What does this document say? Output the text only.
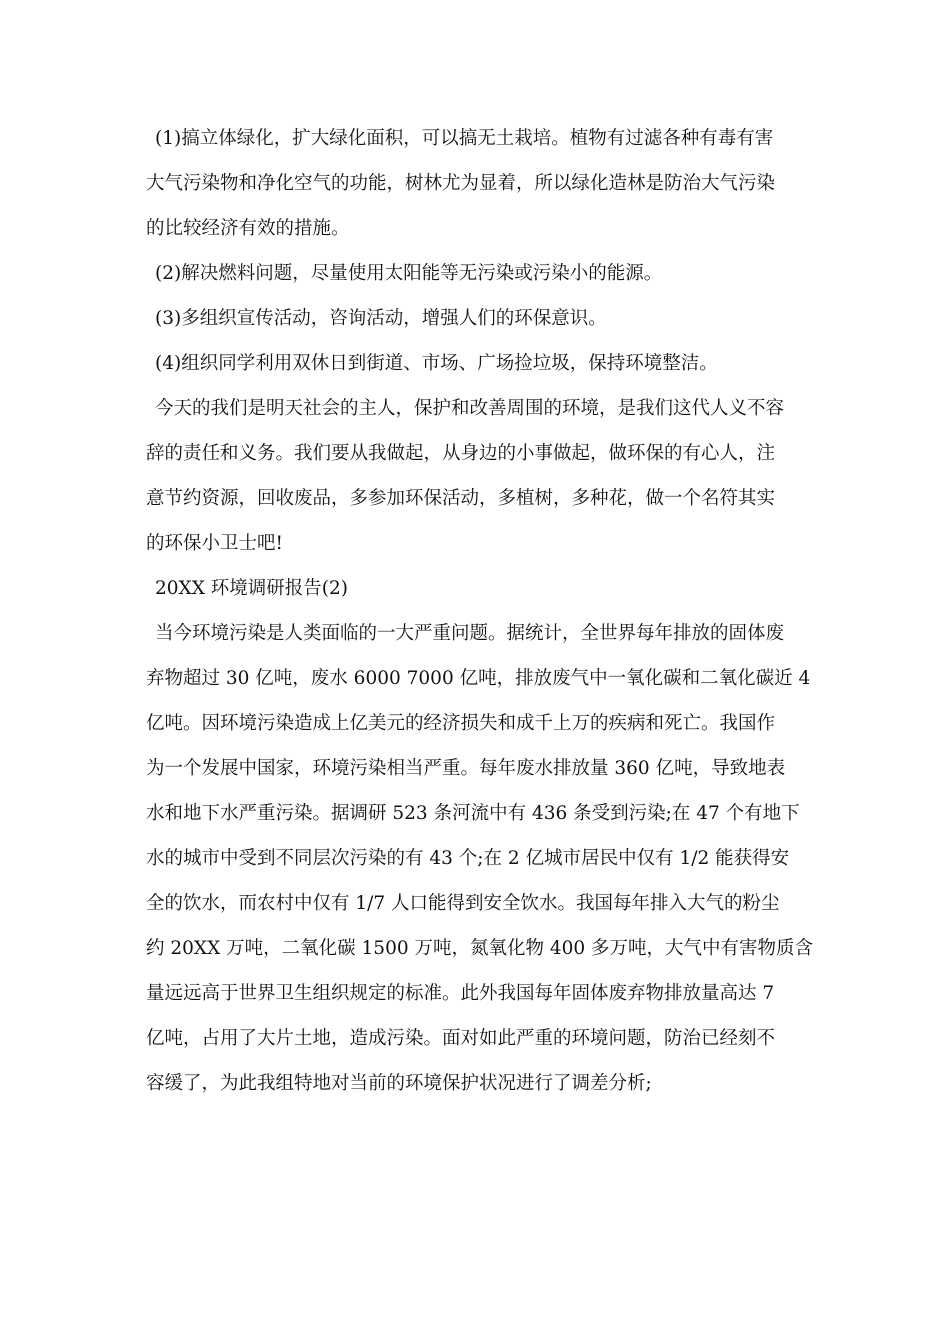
(1)搞立体绿化，扩大绿化面积，可以搞无土栽培。植物有过滤各种有毒有害
大气污染物和净化空气的功能，树林尤为显着，所以绿化造林是防治大气污染
的比较经济有效的措施。

(2)解决燃料问题，尽量使用太阳能等无污染或污染小的能源。

(3)多组织宣传活动，咨询活动，增强人们的环保意识。

(4)组织同学利用双休日到街道、市场、广场捡垃圾，保持环境整洁。

今天的我们是明天社会的主人，保护和改善周围的环境，是我们这代人义不容
辞的责任和义务。我们要从我做起，从身边的小事做起，做环保的有心人，注
意节约资源，回收废品，多参加环保活动，多植树，多种花，做一个名符其实
的环保小卫士吧!

20XX 环境调研报告(2)

当今环境污染是人类面临的一大严重问题。据统计，全世界每年排放的固体废
弃物超过 30 亿吨，废水 6000 7000 亿吨，排放废气中一氧化碳和二氧化碳近 4
亿吨。因环境污染造成上亿美元的经济损失和成千上万的疾病和死亡。我国作
为一个发展中国家，环境污染相当严重。每年废水排放量 360 亿吨，导致地表
水和地下水严重污染。据调研 523 条河流中有 436 条受到污染;在 47 个有地下
水的城市中受到不同层次污染的有 43 个;在 2 亿城市居民中仅有 1/2 能获得安
全的饮水，而农村中仅有 1/7 人口能得到安全饮水。我国每年排入大气的粉尘
约 20XX 万吨，二氧化碳 1500 万吨，氮氧化物 400 多万吨，大气中有害物质含
量远远高于世界卫生组织规定的标准。此外我国每年固体废弃物排放量高达 7
亿吨，占用了大片土地，造成污染。面对如此严重的环境问题，防治已经刻不
容缓了，为此我组特地对当前的环境保护状况进行了调差分析;
